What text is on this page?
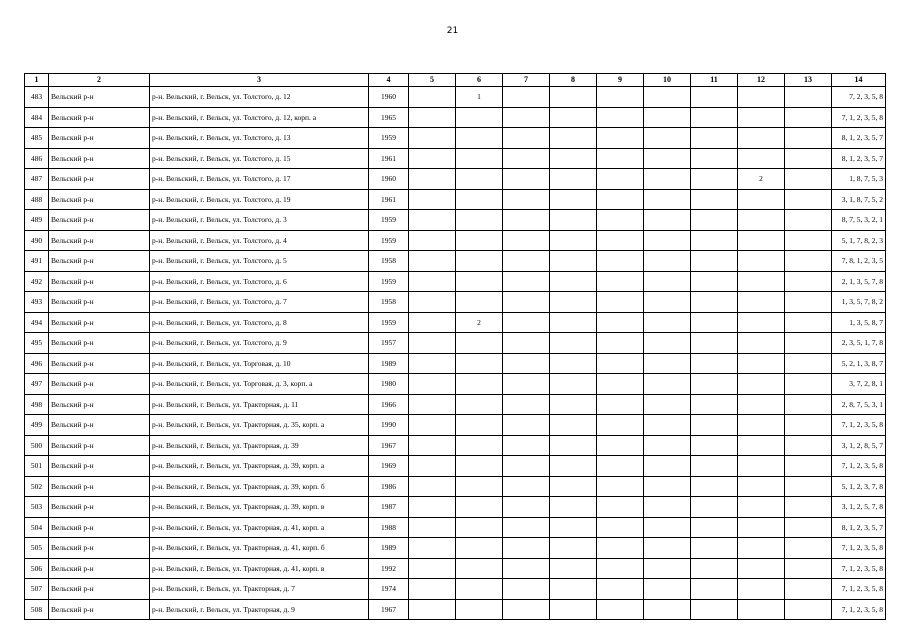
21
1	2	3	4	5	6	7	8	9	10	11	12	13	14
483	Вельский р-н	р-н. Вельский, г. Вельск, ул. Толстого, д. 12	1960		1								7, 2, 3, 5, 8
484	Вельский р-н	р-н. Вельский, г. Вельск, ул. Толстого, д. 12, корп. а	1965										7, 1, 2, 3, 5, 8
485	Вельский р-н	р-н. Вельский, г. Вельск, ул. Толстого, д. 13	1959										8, 1, 2, 3, 5, 7
486	Вельский р-н	р-н. Вельский, г. Вельск, ул. Толстого, д. 15	1961										8, 1, 2, 3, 5, 7
487	Вельский р-н	р-н. Вельский, г. Вельск, ул. Толстого, д. 17	1960								2		1, 8, 7, 5, 3
488	Вельский р-н	р-н. Вельский, г. Вельск, ул. Толстого, д. 19	1961										3, 1, 8, 7, 5, 2
489	Вельский р-н	р-н. Вельский, г. Вельск, ул. Толстого, д. 3	1959										8, 7, 5, 3, 2, 1
490	Вельский р-н	р-н. Вельский, г. Вельск, ул. Толстого, д. 4	1959										5, 1, 7, 8, 2, 3
491	Вельский р-н	р-н. Вельский, г. Вельск, ул. Толстого, д. 5	1958										7, 8, 1, 2, 3, 5
492	Вельский р-н	р-н. Вельский, г. Вельск, ул. Толстого, д. 6	1959										2, 1, 3, 5, 7, 8
493	Вельский р-н	р-н. Вельский, г. Вельск, ул. Толстого, д. 7	1958										1, 3, 5, 7, 8, 2
494	Вельский р-н	р-н. Вельский, г. Вельск, ул. Толстого, д. 8	1959		2								1, 3, 5, 8, 7
495	Вельский р-н	р-н. Вельский, г. Вельск, ул. Толстого, д. 9	1957										2, 3, 5, 1, 7, 8
496	Вельский р-н	р-н. Вельский, г. Вельск, ул. Торговая, д. 10	1989										5, 2, 1, 3, 8, 7
497	Вельский р-н	р-н. Вельский, г. Вельск, ул. Торговая, д. 3, корп. а	1980										3, 7, 2, 8, 1
498	Вельский р-н	р-н. Вельский, г. Вельск, ул. Тракторная, д. 11	1966										2, 8, 7, 5, 3, 1
499	Вельский р-н	р-н. Вельский, г. Вельск, ул. Тракторная, д. 35, корп. а	1990										7, 1, 2, 3, 5, 8
500	Вельский р-н	р-н. Вельский, г. Вельск, ул. Тракторная, д. 39	1967										3, 1, 2, 8, 5, 7
501	Вельский р-н	р-н. Вельский, г. Вельск, ул. Тракторная, д. 39, корп. а	1969										7, 1, 2, 3, 5, 8
502	Вельский р-н	р-н. Вельский, г. Вельск, ул. Тракторная, д. 39, корп. б	1986										5, 1, 2, 3, 7, 8
503	Вельский р-н	р-н. Вельский, г. Вельск, ул. Тракторная, д. 39, корп. в	1987										3, 1, 2, 5, 7, 8
504	Вельский р-н	р-н. Вельский, г. Вельск, ул. Тракторная, д. 41, корп. а	1988										8, 1, 2, 3, 5, 7
505	Вельский р-н	р-н. Вельский, г. Вельск, ул. Тракторная, д. 41, корп. б	1989										7, 1, 2, 3, 5, 8
506	Вельский р-н	р-н. Вельский, г. Вельск, ул. Тракторная, д. 41, корп. в	1992										7, 1, 2, 3, 5, 8
507	Вельский р-н	р-н. Вельский, г. Вельск, ул. Тракторная, д. 7	1974										7, 1, 2, 3, 5, 8
508	Вельский р-н	р-н. Вельский, г. Вельск, ул. Тракторная, д. 9	1967										7, 1, 2, 3, 5, 8
